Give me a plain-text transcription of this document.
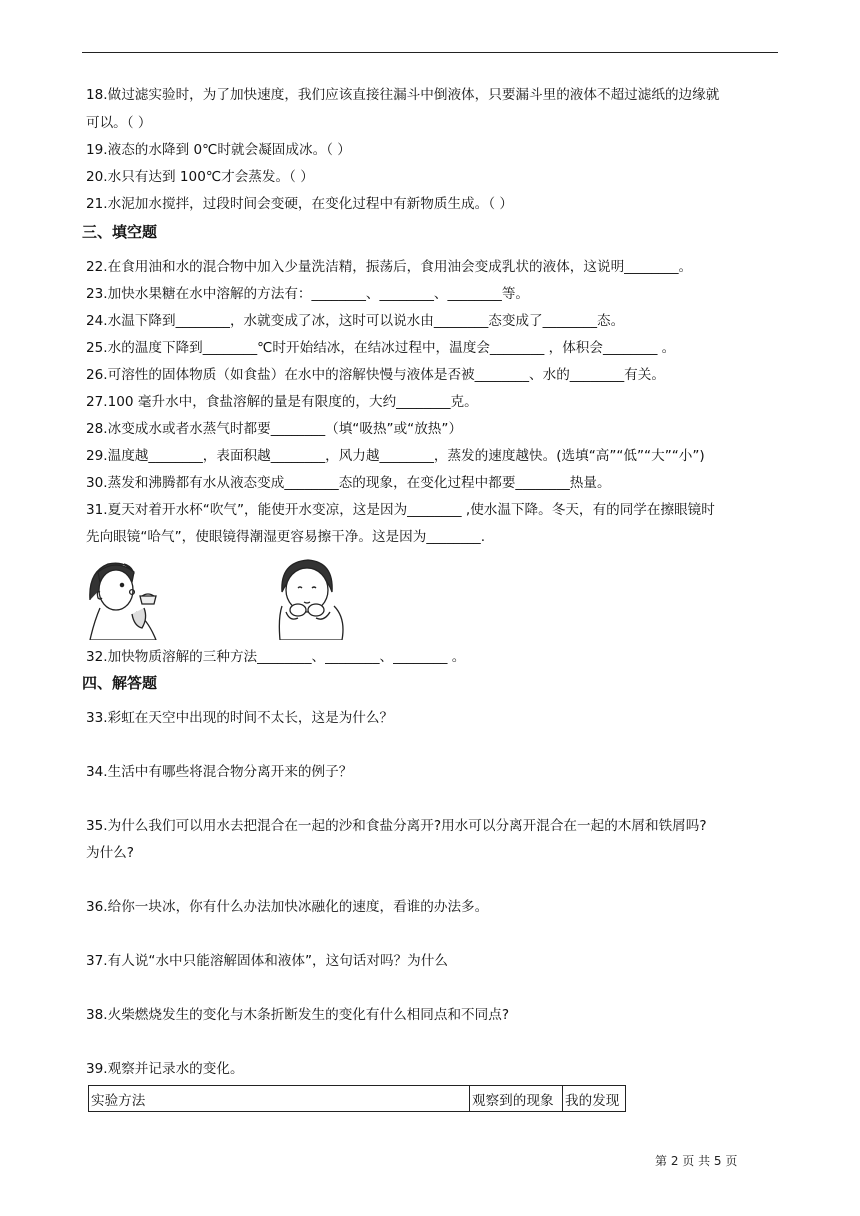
18.做过滤实验时，为了加快速度，我们应该直接往漏斗中倒液体，只要漏斗里的液体不超过滤纸的边缘就
可以。（ ）
19.液态的水降到 0℃时就会凝固成冰。（ ）
20.水只有达到 100℃才会蒸发。（ ）
21.水泥加水搅拌，过段时间会变硬，在变化过程中有新物质生成。（ ）
三、填空题
22.在食用油和水的混合物中加入少量洗洁精，振荡后，食用油会变成乳状的液体，这说明________。
23.加快水果糖在水中溶解的方法有：________、________、________等。
24.水温下降到________，水就变成了冰，这时可以说水由________态变成了________态。
25.水的温度下降到________℃时开始结冰，在结冰过程中，温度会________ ，体积会________ 。
26.可溶性的固体物质（如食盐）在水中的溶解快慢与液体是否被________、水的________有关。
27.100 毫升水中，食盐溶解的量是有限度的，大约________克。
28.冰变成水或者水蒸气时都要________（填“吸热”或“放热”）
29.温度越________，表面积越________，风力越________，蒸发的速度越快。(选填“高”“低”“大”“小”)
30.蒸发和沸腾都有水从液态变成________态的现象，在变化过程中都要________热量。
31.夏天对着开水杯“吹气”，能使开水变凉，这是因为________ ,使水温下降。冬天，有的同学在擦眼镜时
先向眼镜“哈气”，使眼镜得潮湿更容易擦干净。这是因为________.
32.加快物质溶解的三种方法________、________、________ 。
四、解答题
33.彩虹在天空中出现的时间不太长，这是为什么？
34.生活中有哪些将混合物分离开来的例子？
35.为什么我们可以用水去把混合在一起的沙和食盐分离开?用水可以分离开混合在一起的木屑和铁屑吗?
为什么?
36.给你一块冰，你有什么办法加快冰融化的速度，看谁的办法多。
37.有人说“水中只能溶解固体和液体”，这句话对吗？为什么
38.火柴燃烧发生的变化与木条折断发生的变化有什么相同点和不同点?
39.观察并记录水的变化。
实验方法	观察到的现象	我的发现
第 2 页 共 5 页
